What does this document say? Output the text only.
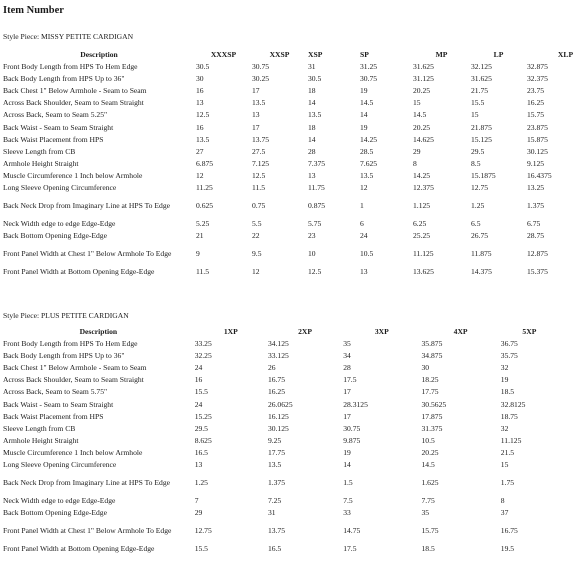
Item Number
Style Piece: MISSY PETITE CARDIGAN
Description	XXXSP	XXSP	XSP	SP	MP	LP	XLP
Front Body Length from HPS To Hem Edge	30.5	30.75	31	31.25	31.625	32.125	32.875
Back Body Length from HPS Up to 36"	30	30.25	30.5	30.75	31.125	31.625	32.375
Back Chest 1" Below Armhole - Seam to Seam	16	17	18	19	20.25	21.75	23.75
Across Back Shoulder, Seam to Seam Straight	13	13.5	14	14.5	15	15.5	16.25
Across Back, Seam to Seam 5.25"	12.5	13	13.5	14	14.5	15	15.75
Back Waist - Seam to Seam Straight	16	17	18	19	20.25	21.875	23.875
Back Waist Placement from HPS	13.5	13.75	14	14.25	14.625	15.125	15.875
Sleeve Length from CB	27	27.5	28	28.5	29	29.5	30.125
Armhole Height Straight	6.875	7.125	7.375	7.625	8	8.5	9.125
Muscle Circumference 1 Inch below Armhole	12	12.5	13	13.5	14.25	15.1875	16.4375
Long Sleeve Opening Circumference	11.25	11.5	11.75	12	12.375	12.75	13.25
Back Neck Drop from Imaginary Line at HPS To Edge	0.625	0.75	0.875	1	1.125	1.25	1.375
Neck Width edge to edge Edge-Edge	5.25	5.5	5.75	6	6.25	6.5	6.75
Back Bottom Opening Edge-Edge	21	22	23	24	25.25	26.75	28.75
Front Panel Width at Chest 1" Below Armhole To Edge	9	9.5	10	10.5	11.125	11.875	12.875
Front Panel Width at Bottom Opening Edge-Edge	11.5	12	12.5	13	13.625	14.375	15.375
Style Piece: PLUS PETITE CARDIGAN
Description	1XP	2XP	3XP	4XP	5XP
Front Body Length from HPS To Hem Edge	33.25	34.125	35	35.875	36.75
Back Body Length from HPS Up to 36"	32.25	33.125	34	34.875	35.75
Back Chest 1" Below Armhole - Seam to Seam	24	26	28	30	32
Across Back Shoulder, Seam to Seam Straight	16	16.75	17.5	18.25	19
Across Back, Seam to Seam 5.75"	15.5	16.25	17	17.75	18.5
Back Waist - Seam to Seam Straight	24	26.0625	28.3125	30.5625	32.8125
Back Waist Placement from HPS	15.25	16.125	17	17.875	18.75
Sleeve Length from CB	29.5	30.125	30.75	31.375	32
Armhole Height Straight	8.625	9.25	9.875	10.5	11.125
Muscle Circumference 1 Inch below Armhole	16.5	17.75	19	20.25	21.5
Long Sleeve Opening Circumference	13	13.5	14	14.5	15
Back Neck Drop from Imaginary Line at HPS To Edge	1.25	1.375	1.5	1.625	1.75
Neck Width edge to edge Edge-Edge	7	7.25	7.5	7.75	8
Back Bottom Opening Edge-Edge	29	31	33	35	37
Front Panel Width at Chest 1" Below Armhole To Edge	12.75	13.75	14.75	15.75	16.75
Front Panel Width at Bottom Opening Edge-Edge	15.5	16.5	17.5	18.5	19.5
